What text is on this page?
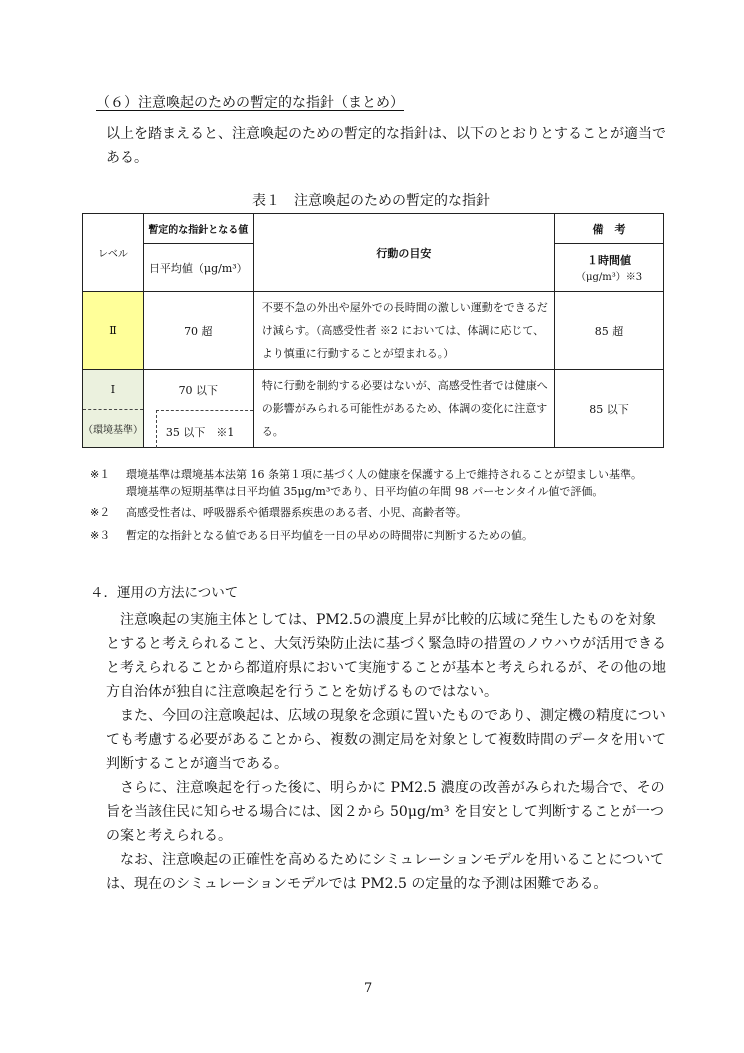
（６）注意喚起のための暫定的な指針（まとめ）
以上を踏まえると、注意喚起のための暫定的な指針は、以下のとおりとすることが適当である。
表１　注意喚起のための暫定的な指針
レベル	暫定的な指針となる値	行動の目安	備　考
	日平均値（μg/m³）		１時間値
（μg/m³）※3

Ⅱ	70 超	不要不急の外出や屋外での長時間の激しい運動をできるだけ減らす。（高感受性者 ※2 においては、体調に応じて、より慎重に行動することが望まれる。）	85 超
Ⅰ	70 以下	特に行動を制約する必要はないが、高感受性者では健康への影響がみられる可能性があるため、体調の変化に注意する。	85 以下
（環境基準）	35 以下　※1		
※１	環境基準は環境基本法第 16 条第１項に基づく人の健康を保護する上で維持されることが望ましい基準。
環境基準の短期基準は日平均値 35μg/m³であり、日平均値の年間 98 パーセンタイル値で評価。
※２	高感受性者は、呼吸器系や循環器系疾患のある者、小児、高齢者等。
※３	暫定的な指針となる値である日平均値を一日の早めの時間帯に判断するための値。
４．運用の方法について

注意喚起の実施主体としては、PM2.5の濃度上昇が比較的広域に発生したものを対象とすると考えられること、大気汚染防止法に基づく緊急時の措置のノウハウが活用できると考えられることから都道府県において実施することが基本と考えられるが、その他の地方自治体が独自に注意喚起を行うことを妨げるものではない。

また、今回の注意喚起は、広域の現象を念頭に置いたものであり、測定機の精度についても考慮する必要があることから、複数の測定局を対象として複数時間のデータを用いて判断することが適当である。

さらに、注意喚起を行った後に、明らかに PM2.5 濃度の改善がみられた場合で、その旨を当該住民に知らせる場合には、図２から 50μg/m³ を目安として判断することが一つの案と考えられる。

なお、注意喚起の正確性を高めるためにシミュレーションモデルを用いることについては、現在のシミュレーションモデルでは PM2.5 の定量的な予測は困難である。

7
